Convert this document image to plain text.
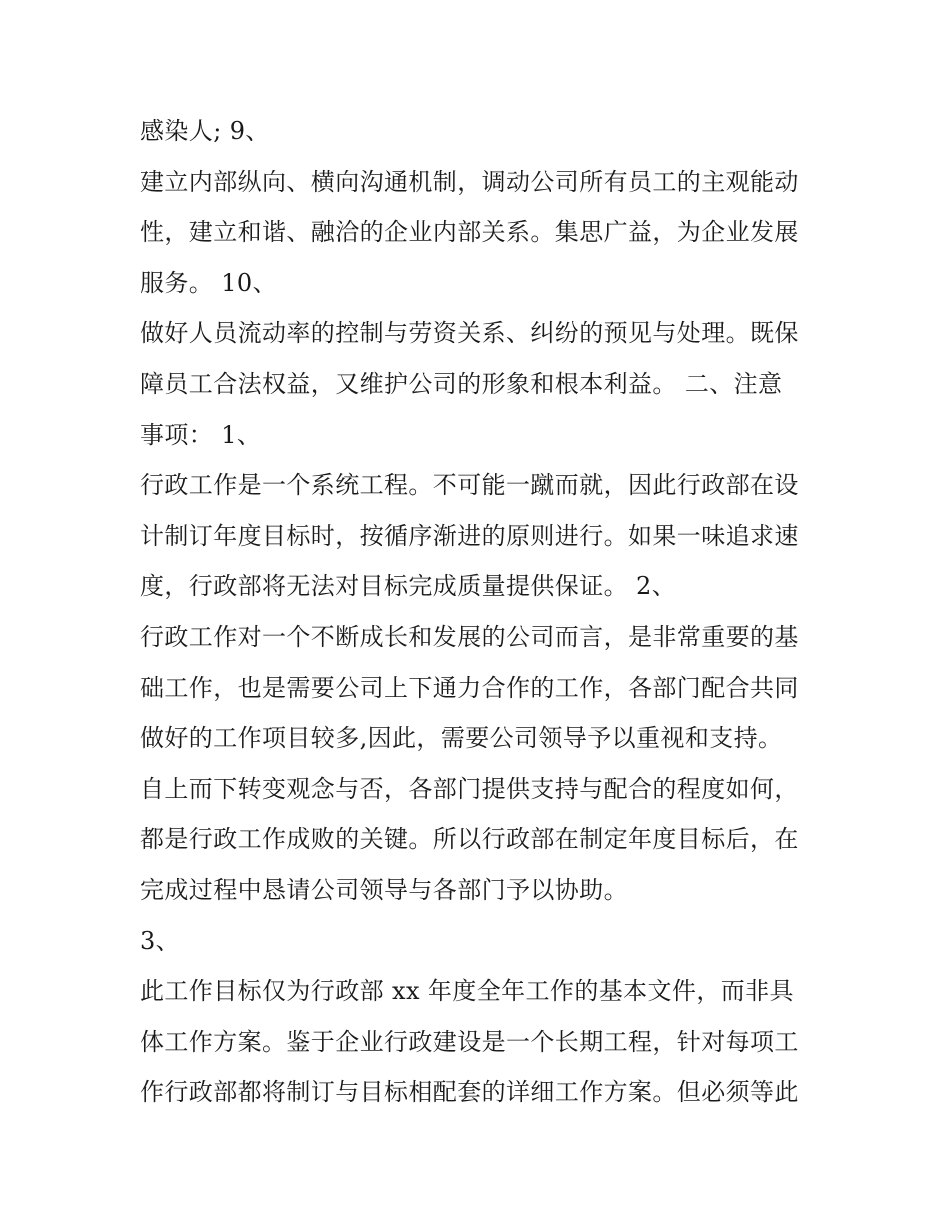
感染人; 9、
建立内部纵向、横向沟通机制，调动公司所有员工的主观能动
性，建立和谐、融洽的企业内部关系。集思广益，为企业发展
服务。 10、
做好人员流动率的控制与劳资关系、纠纷的预见与处理。既保
障员工合法权益，又维护公司的形象和根本利益。 二、注意
事项： 1、
行政工作是一个系统工程。不可能一蹴而就，因此行政部在设
计制订年度目标时，按循序渐进的原则进行。如果一味追求速
度，行政部将无法对目标完成质量提供保证。 2、
行政工作对一个不断成长和发展的公司而言，是非常重要的基
础工作，也是需要公司上下通力合作的工作，各部门配合共同
做好的工作项目较多,因此，需要公司领导予以重视和支持。
自上而下转变观念与否，各部门提供支持与配合的程度如何，
都是行政工作成败的关键。所以行政部在制定年度目标后，在
完成过程中恳请公司领导与各部门予以协助。
3、
此工作目标仅为行政部 xx 年度全年工作的基本文件，而非具
体工作方案。鉴于企业行政建设是一个长期工程，针对每项工
作行政部都将制订与目标相配套的详细工作方案。但必须等此
